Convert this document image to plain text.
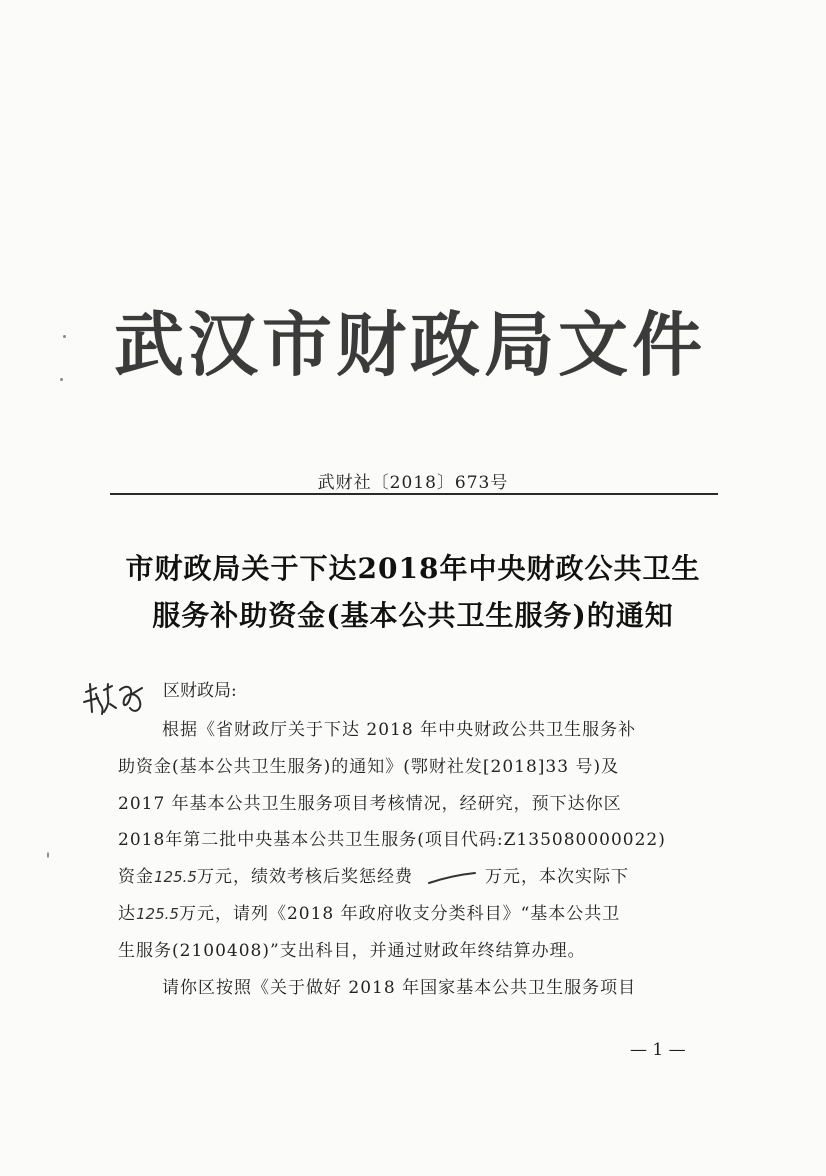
武汉市财政局文件
武财社〔2018〕673号
市财政局关于下达2018年中央财政公共卫生
服务补助资金(基本公共卫生服务)的通知
区财政局:
根据《省财政厅关于下达 2018 年中央财政公共卫生服务补
助资金(基本公共卫生服务)的通知》(鄂财社发[2018]33 号)及
2017 年基本公共卫生服务项目考核情况，经研究，预下达你区
2018年第二批中央基本公共卫生服务(项目代码:Z135080000022)
资金125.5万元，绩效考核后奖惩经费	万元，本次实际下
达125.5万元，请列《2018 年政府收支分类科目》“基本公共卫
生服务(2100408)”支出科目，并通过财政年终结算办理。
请你区按照《关于做好 2018 年国家基本公共卫生服务项目
— 1 —
